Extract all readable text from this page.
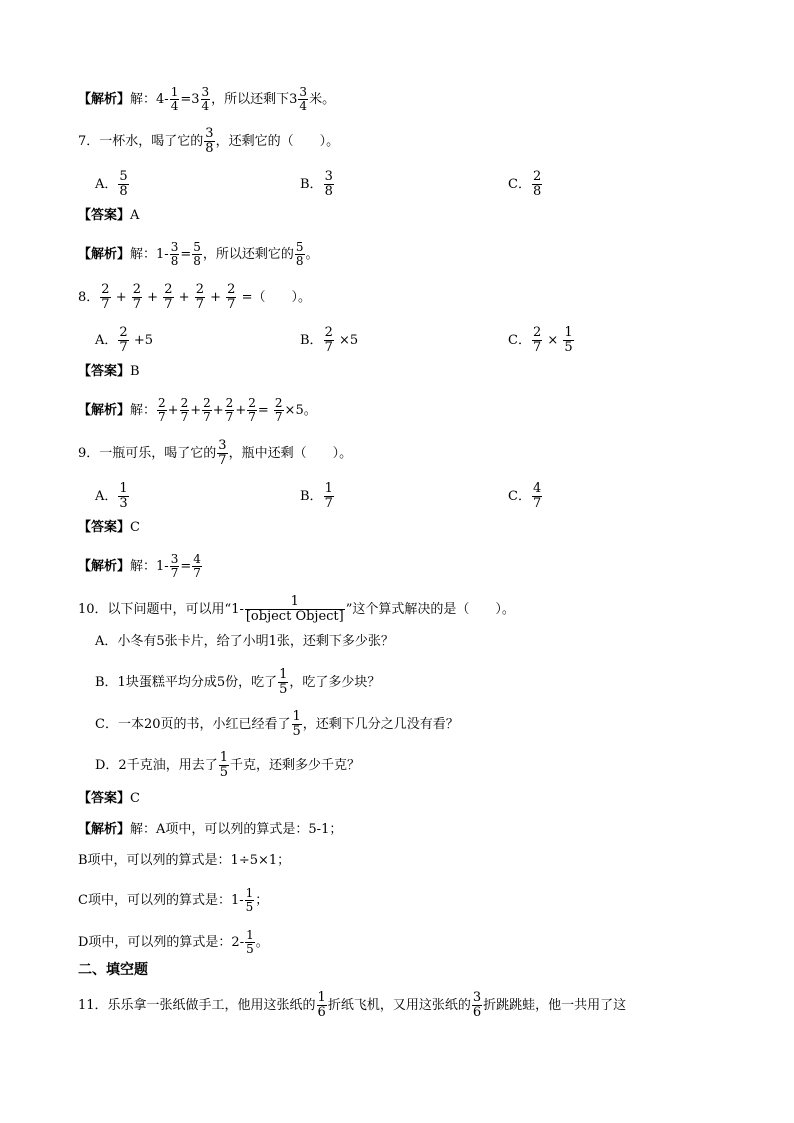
【解析】解：$4- \frac{1}{4} =3 \frac{3}{4}$ ，所以还剩下$3 \frac{3}{4}$ 米。
7．一杯水，喝了它的 $\frac{3}{8}$ ，还剩它的（　　）。
A． $\frac{5}{8}$	B． $\frac{3}{8}$	C． $\frac{2}{8}$
【答案】A
【解析】解：$1- \frac{3}{8} = \frac{5}{8}$ ，所以还剩它的 $\frac{5}{8}$ 。
8． $\frac{2}{7} + \frac{2}{7} + \frac{2}{7} + \frac{2}{7} + \frac{2}{7}$ =（　　）。
A． $\frac{2}{7} +5$	B． $\frac{2}{7} \times 5$	C． $\frac{2}{7} \times \frac{1}{5}$
【答案】B
【解析】解： $\frac{2}{7} + \frac{2}{7} + \frac{2}{7} + \frac{2}{7} + \frac{2}{7} = \frac{2}{7} \times 5$。
9．一瓶可乐，喝了它的 $\frac{3}{7}$ ，瓶中还剩（　　）。
A． $\frac{1}{3}$	B． $\frac{1}{7}$	C． $\frac{4}{7}$
【答案】C
【解析】解：$1- \frac{3}{7} = \frac{4}{7}$
10．以下问题中，可以用“$1- \frac{1}{\text{[object Object]}}$ ”这个算式解决的是（　　）。
A．小冬有5张卡片，给了小明1张，还剩下多少张？
B．1块蛋糕平均分成5份，吃了 $\frac{1}{5}$ ，吃了多少块？
C．一本20页的书，小红已经看了 $\frac{1}{5}$ ，还剩下几分之几没有看？
D．2千克油，用去了 $\frac{1}{5}$ 千克，还剩多少千克？
【答案】C
【解析】解：A项中，可以列的算式是：5-1；
B项中，可以列的算式是：1÷5×1；
C项中，可以列的算式是：$1- \frac{1}{5}$ ；
D项中，可以列的算式是：$2- \frac{1}{5}$ 。
二、填空题
11．乐乐拿一张纸做手工，他用这张纸的 $\frac{1}{6}$ 折纸飞机，又用这张纸的 $\frac{3}{6}$ 折跳跳蛙，他一共用了这
